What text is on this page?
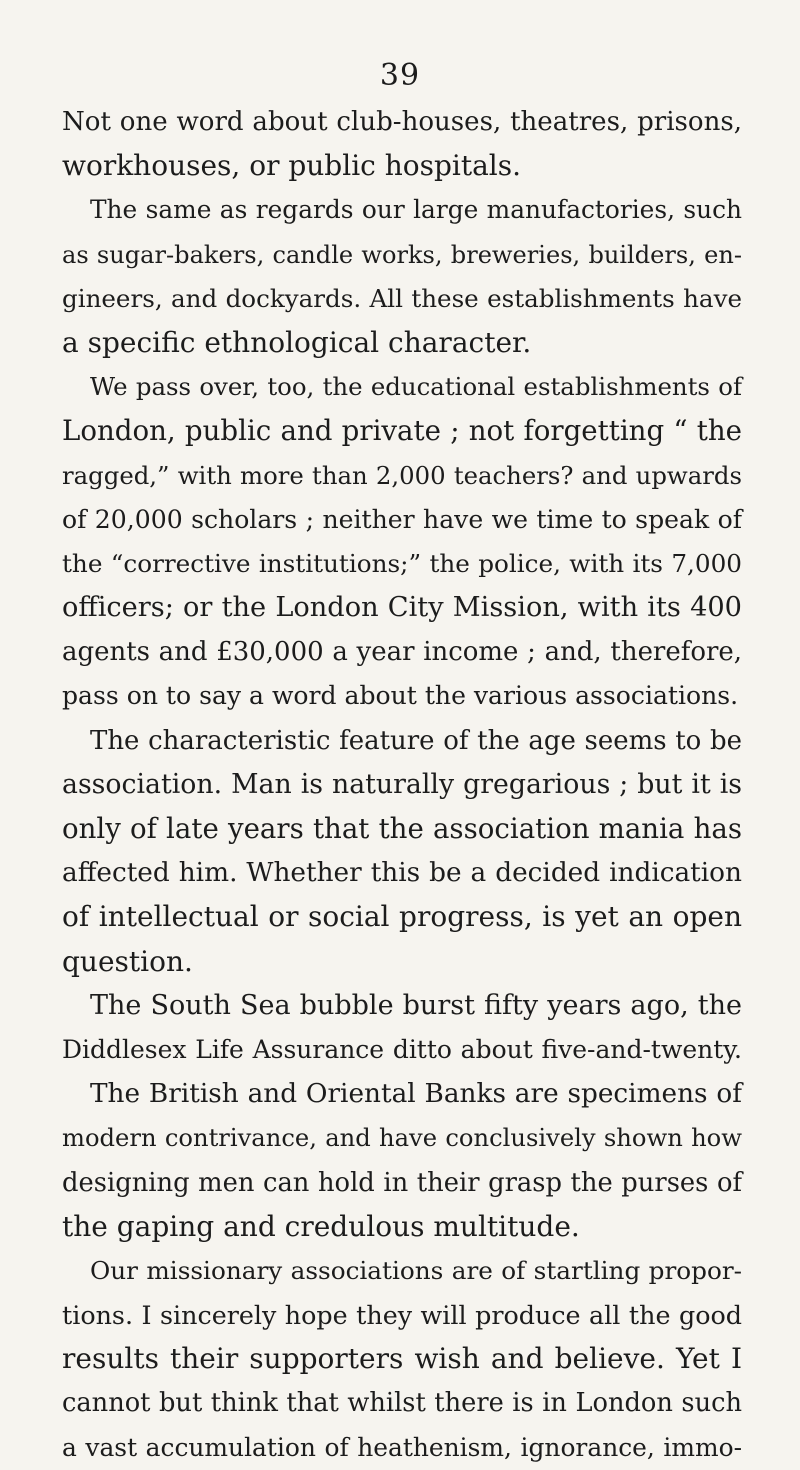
39
Not one word about club-houses, theatres, prisons,
workhouses, or public hospitals.
The same as regards our large manufactories, such
as sugar-bakers, candle works, breweries, builders, en-
gineers, and dockyards. All these establishments have
a specific ethnological character.
We pass over, too, the educational establishments of
London, public and private ; not forgetting “ the
ragged,” with more than 2,000 teachers? and upwards
of 20,000 scholars ; neither have we time to speak of
the “corrective institutions;” the police, with its 7,000
officers; or the London City Mission, with its 400
agents and £30,000 a year income ; and, therefore,
pass on to say a word about the various associations.
The characteristic feature of the age seems to be
association. Man is naturally gregarious ; but it is
only of late years that the association mania has
affected him. Whether this be a decided indication
of intellectual or social progress, is yet an open
question.
The South Sea bubble burst fifty years ago, the
Diddlesex Life Assurance ditto about five-and-twenty.
The British and Oriental Banks are specimens of
modern contrivance, and have conclusively shown how
designing men can hold in their grasp the purses of
the gaping and credulous multitude.
Our missionary associations are of startling propor-
tions. I sincerely hope they will produce all the good
results their supporters wish and believe. Yet I
cannot but think that whilst there is in London such
a vast accumulation of heathenism, ignorance, immo-
